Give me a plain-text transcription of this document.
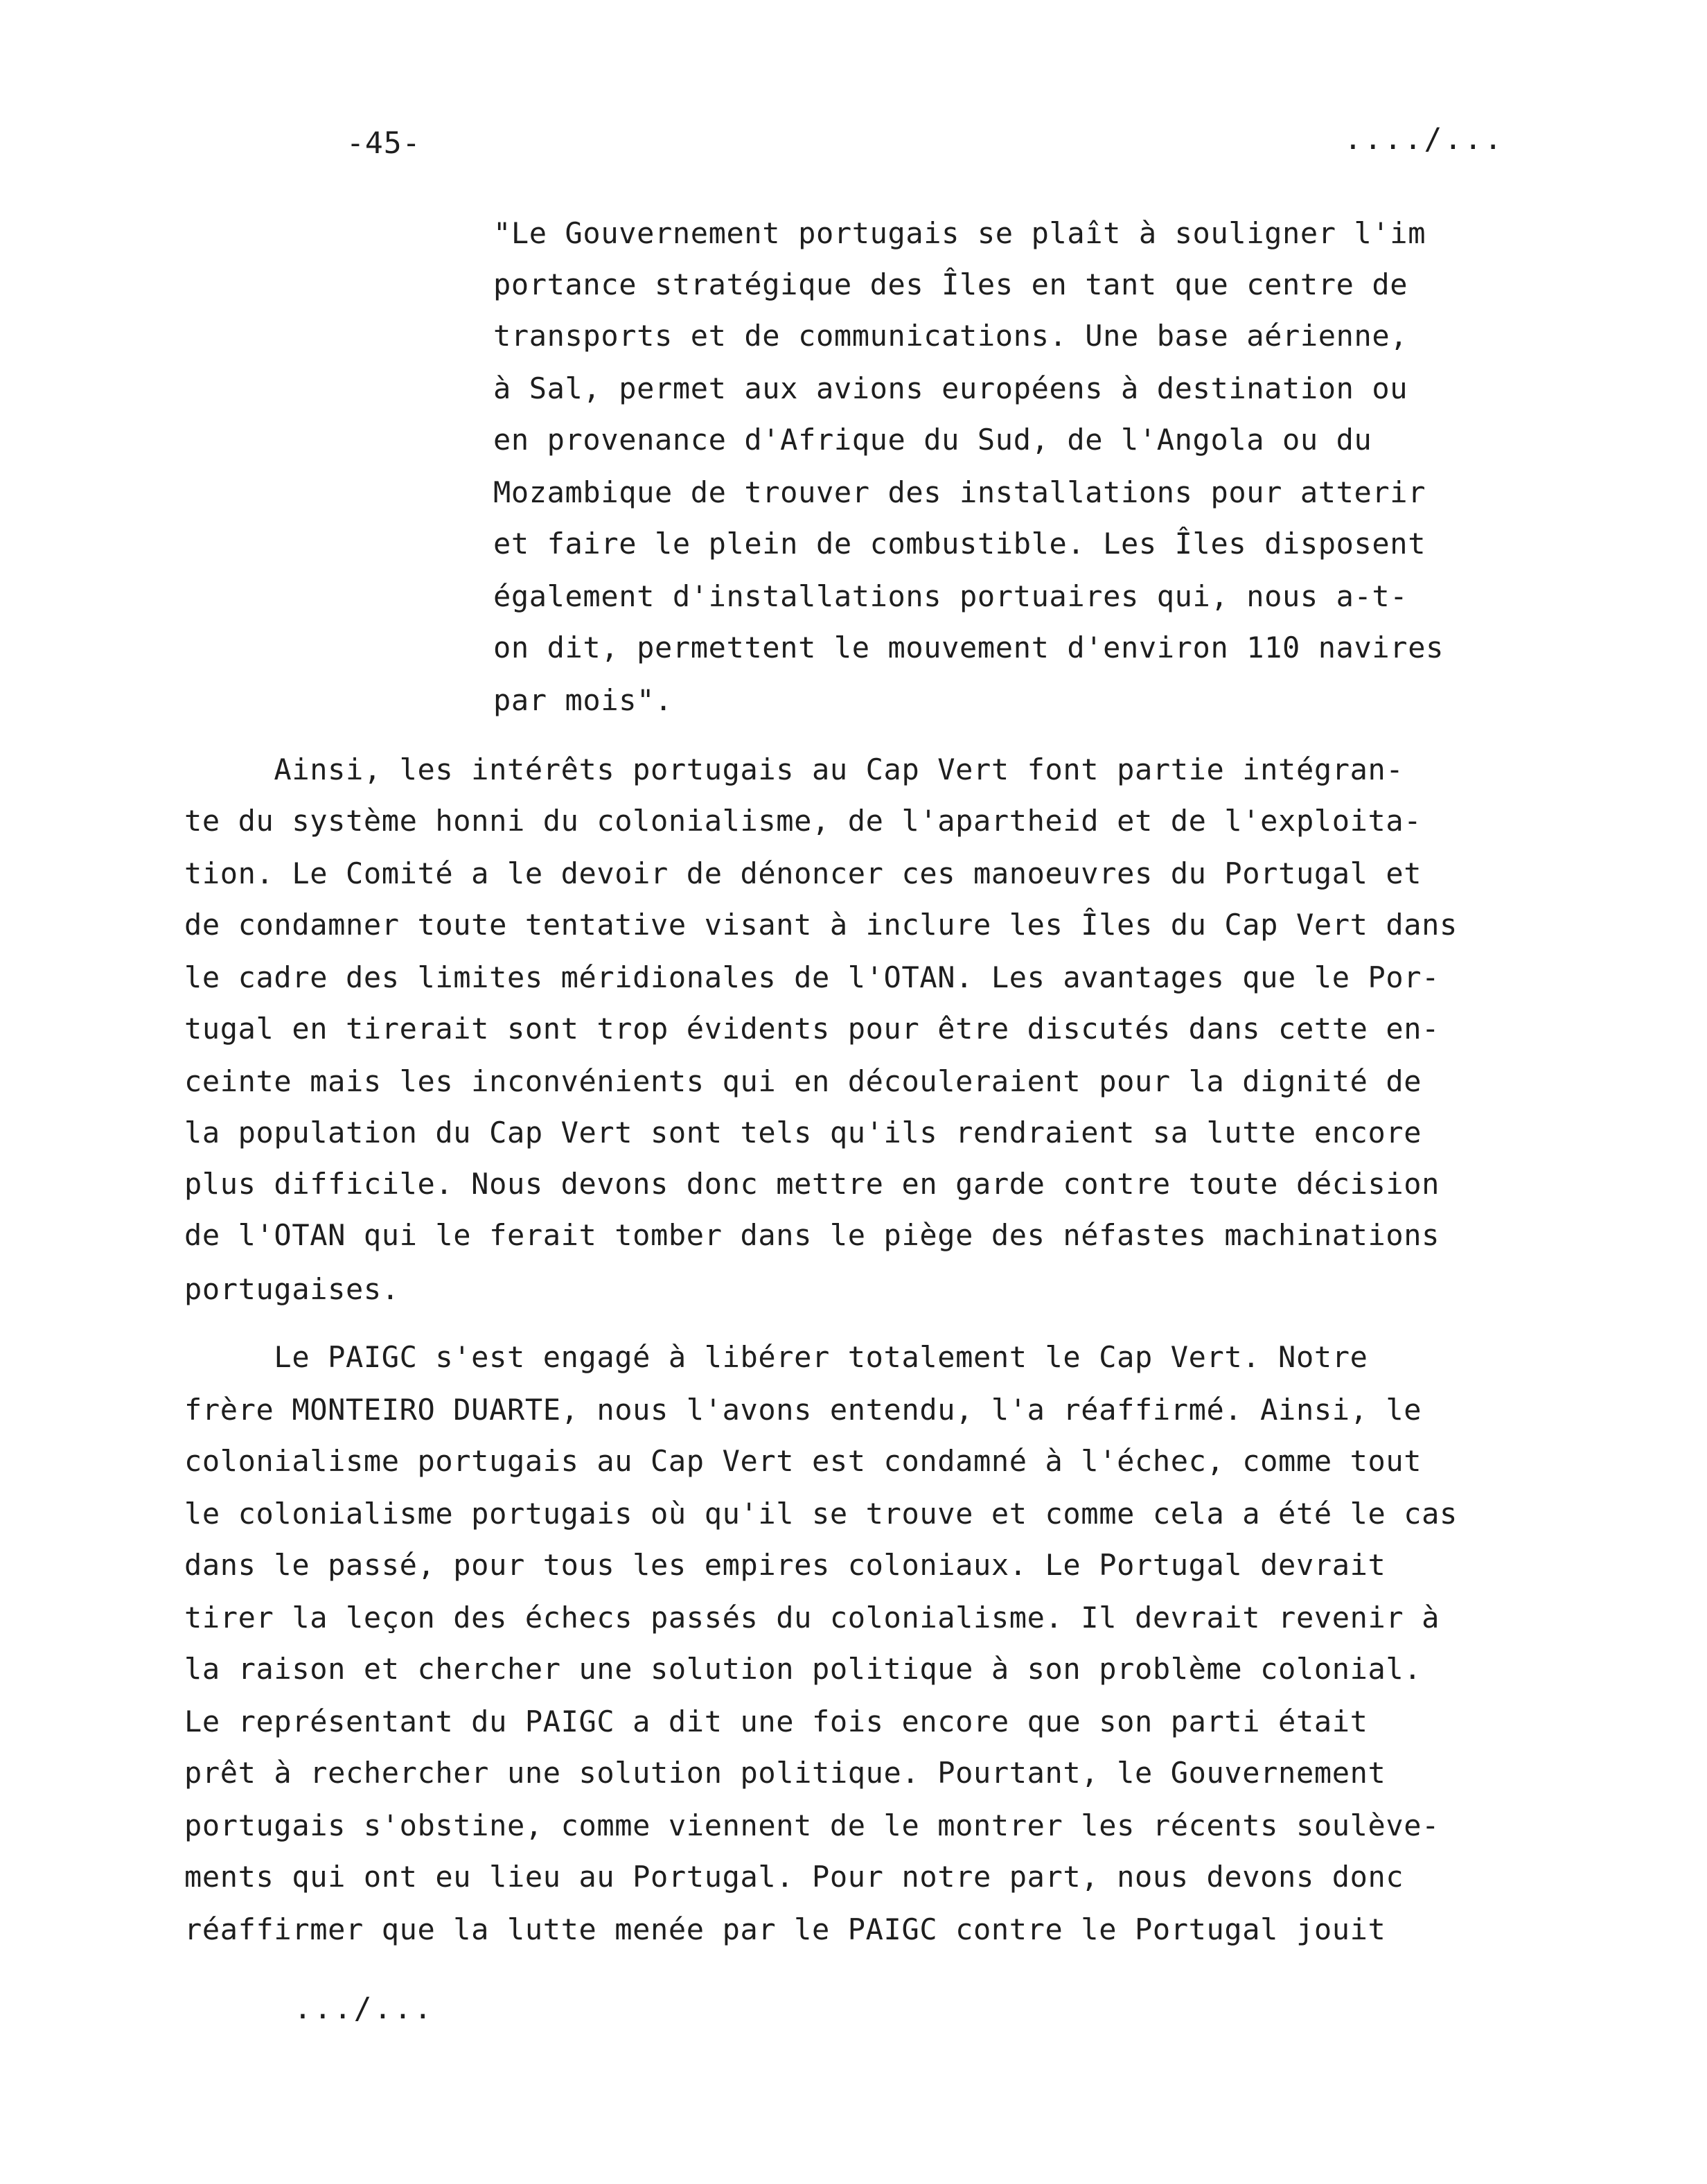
-45-	..../...
"Le Gouvernement portugais se plaît à souligner l'im
portance stratégique des Îles en tant que centre de
transports et de communications. Une base aérienne,
à Sal, permet aux avions européens à destination ou
en provenance d'Afrique du Sud, de l'Angola ou du
Mozambique de trouver des installations pour atterir
et faire le plein de combustible. Les Îles disposent
également d'installations portuaires qui, nous a-t-
on dit, permettent le mouvement d'environ 110 navires
par mois".
Ainsi, les intérêts portugais au Cap Vert font partie intégran-
te du système honni du colonialisme, de l'apartheid et de l'exploita-
tion. Le Comité a le devoir de dénoncer ces manoeuvres du Portugal et
de condamner toute tentative visant à inclure les Îles du Cap Vert dans
le cadre des limites méridionales de l'OTAN. Les avantages que le Por-
tugal en tirerait sont trop évidents pour être discutés dans cette en-
ceinte mais les inconvénients qui en découleraient pour la dignité de
la population du Cap Vert sont tels qu'ils rendraient sa lutte encore
plus difficile. Nous devons donc mettre en garde contre toute décision
de l'OTAN qui le ferait tomber dans le piège des néfastes machinations
portugaises.
Le PAIGC s'est engagé à libérer totalement le Cap Vert. Notre
frère MONTEIRO DUARTE, nous l'avons entendu, l'a réaffirmé. Ainsi, le
colonialisme portugais au Cap Vert est condamné à l'échec, comme tout
le colonialisme portugais où qu'il se trouve et comme cela a été le cas
dans le passé, pour tous les empires coloniaux. Le Portugal devrait
tirer la leçon des échecs passés du colonialisme. Il devrait revenir à
la raison et chercher une solution politique à son problème colonial.
Le représentant du PAIGC a dit une fois encore que son parti était
prêt à rechercher une solution politique. Pourtant, le Gouvernement
portugais s'obstine, comme viennent de le montrer les récents soulève-
ments qui ont eu lieu au Portugal. Pour notre part, nous devons donc
réaffirmer que la lutte menée par le PAIGC contre le Portugal jouit
.../...
